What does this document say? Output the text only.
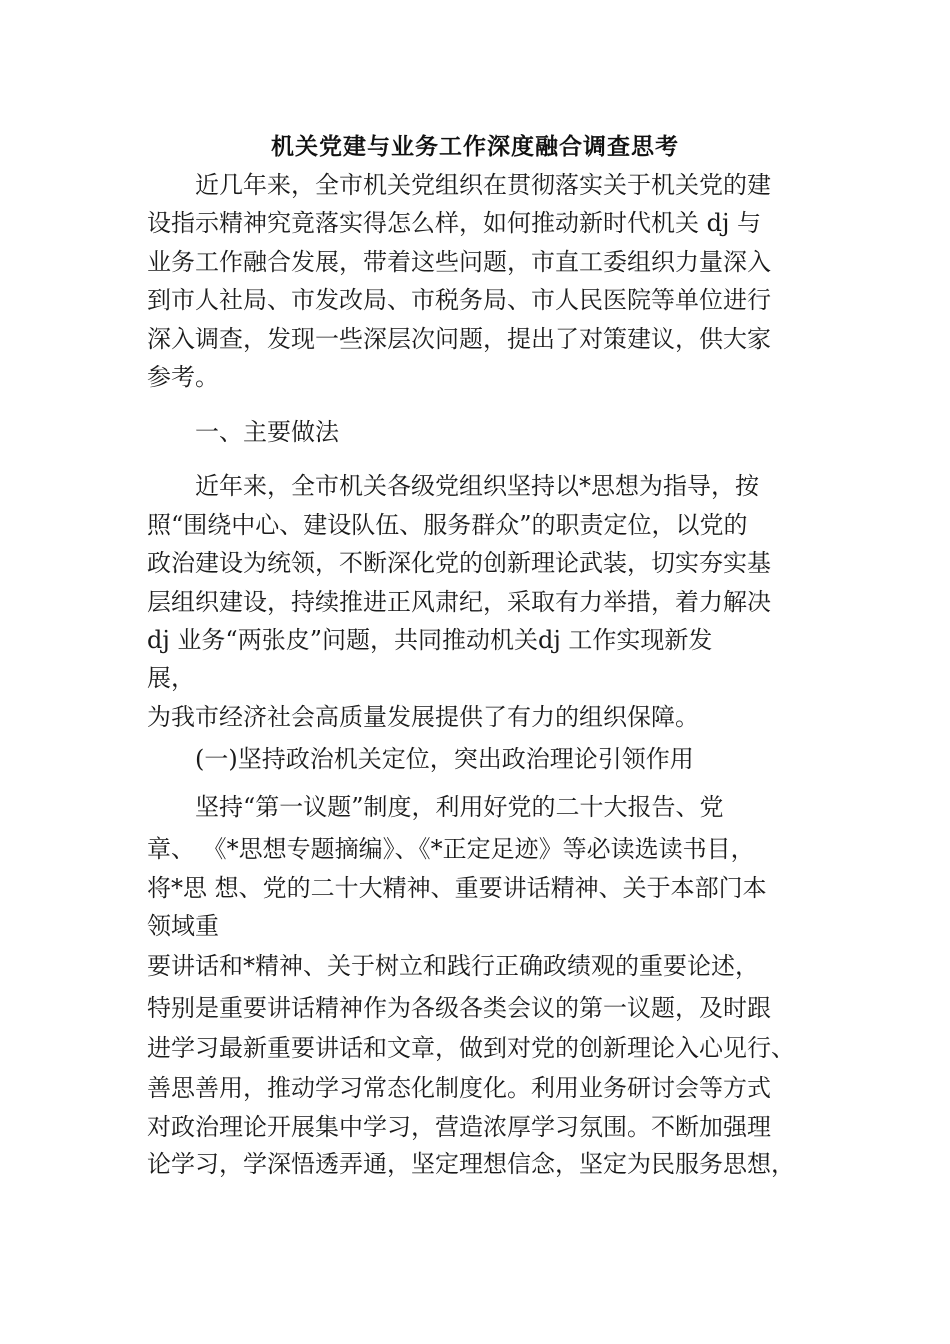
机关党建与业务工作深度融合调查思考
　　近几年来，全市机关党组织在贯彻落实关于机关党的建
设指示精神究竟落实得怎么样，如何推动新时代机关 dj 与
业务工作融合发展，带着这些问题，市直工委组织力量深入
到市人社局、市发改局、市税务局、市人民医院等单位进行
深入调查，发现一些深层次问题，提出了对策建议，供大家
参考。
　　一、主要做法
　　近年来，全市机关各级党组织坚持以*思想为指导，按
照“围绕中心、建设队伍、服务群众”的职责定位，以党的
政治建设为统领，不断深化党的创新理论武装，切实夯实基
层组织建设，持续推进正风肃纪，采取有力举措，着力解决
dj 业务“两张皮”问题，共同推动机关dj 工作实现新发
展，
为我市经济社会高质量发展提供了有力的组织保障。
　　(一)坚持政治机关定位，突出政治理论引领作用
　　坚持“第一议题”制度，利用好党的二十大报告、党
章、 《*思想专题摘编》、《*正定足迹》等必读选读书目，
将*思 想、党的二十大精神、重要讲话精神、关于本部门本
领域重
要讲话和*精神、关于树立和践行正确政绩观的重要论述，
特别是重要讲话精神作为各级各类会议的第一议题，及时跟
进学习最新重要讲话和文章，做到对党的创新理论入心见行、
善思善用，推动学习常态化制度化。利用业务研讨会等方式
对政治理论开展集中学习，营造浓厚学习氛围。不断加强理
论学习，学深悟透弄通，坚定理想信念，坚定为民服务思想，
